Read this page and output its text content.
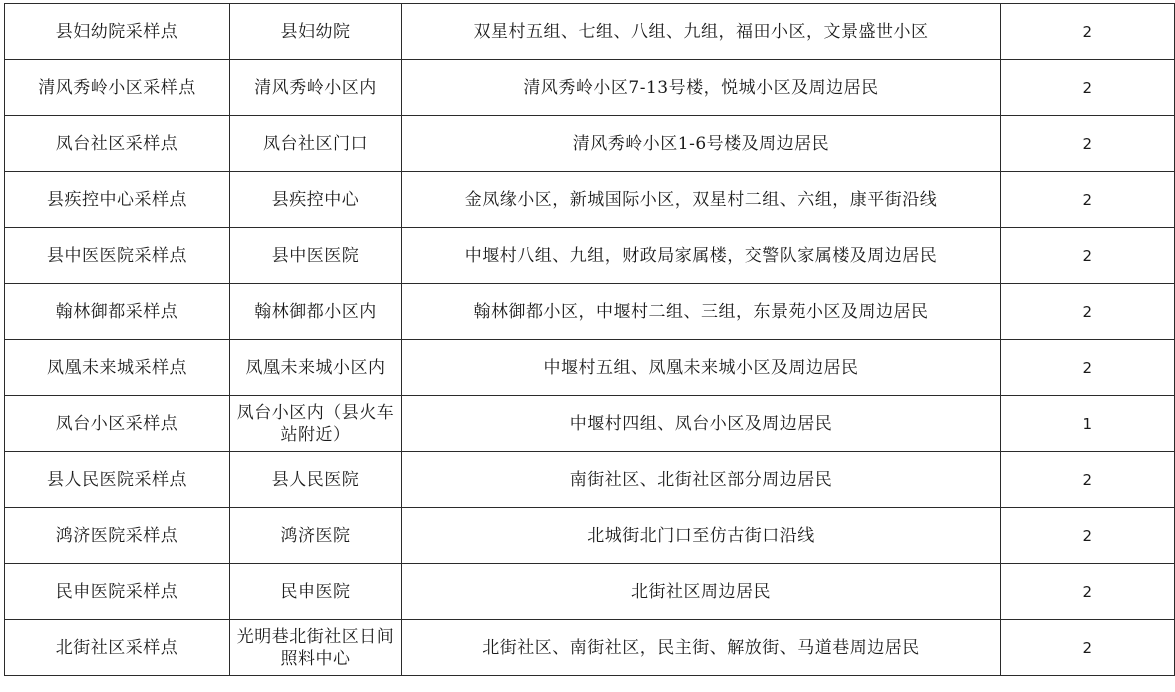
县妇幼院采样点	县妇幼院	双星村五组、七组、八组、九组，福田小区，文景盛世小区	2
清风秀岭小区采样点	清风秀岭小区内	清风秀岭小区7-13号楼，悦城小区及周边居民	2
凤台社区采样点	凤台社区门口	清风秀岭小区1-6号楼及周边居民	2
县疾控中心采样点	县疾控中心	金凤缘小区，新城国际小区，双星村二组、六组，康平街沿线	2
县中医医院采样点	县中医医院	中堰村八组、九组，财政局家属楼，交警队家属楼及周边居民	2
翰林御都采样点	翰林御都小区内	翰林御都小区，中堰村二组、三组，东景苑小区及周边居民	2
凤凰未来城采样点	凤凰未来城小区内	中堰村五组、凤凰未来城小区及周边居民	2
凤台小区采样点	凤台小区内（县火车站附近）	中堰村四组、凤台小区及周边居民	1
县人民医院采样点	县人民医院	南街社区、北街社区部分周边居民	2
鸿济医院采样点	鸿济医院	北城街北门口至仿古街口沿线	2
民申医院采样点	民申医院	北街社区周边居民	2
北街社区采样点	光明巷北街社区日间照料中心	北街社区、南街社区，民主街、解放街、马道巷周边居民	2
